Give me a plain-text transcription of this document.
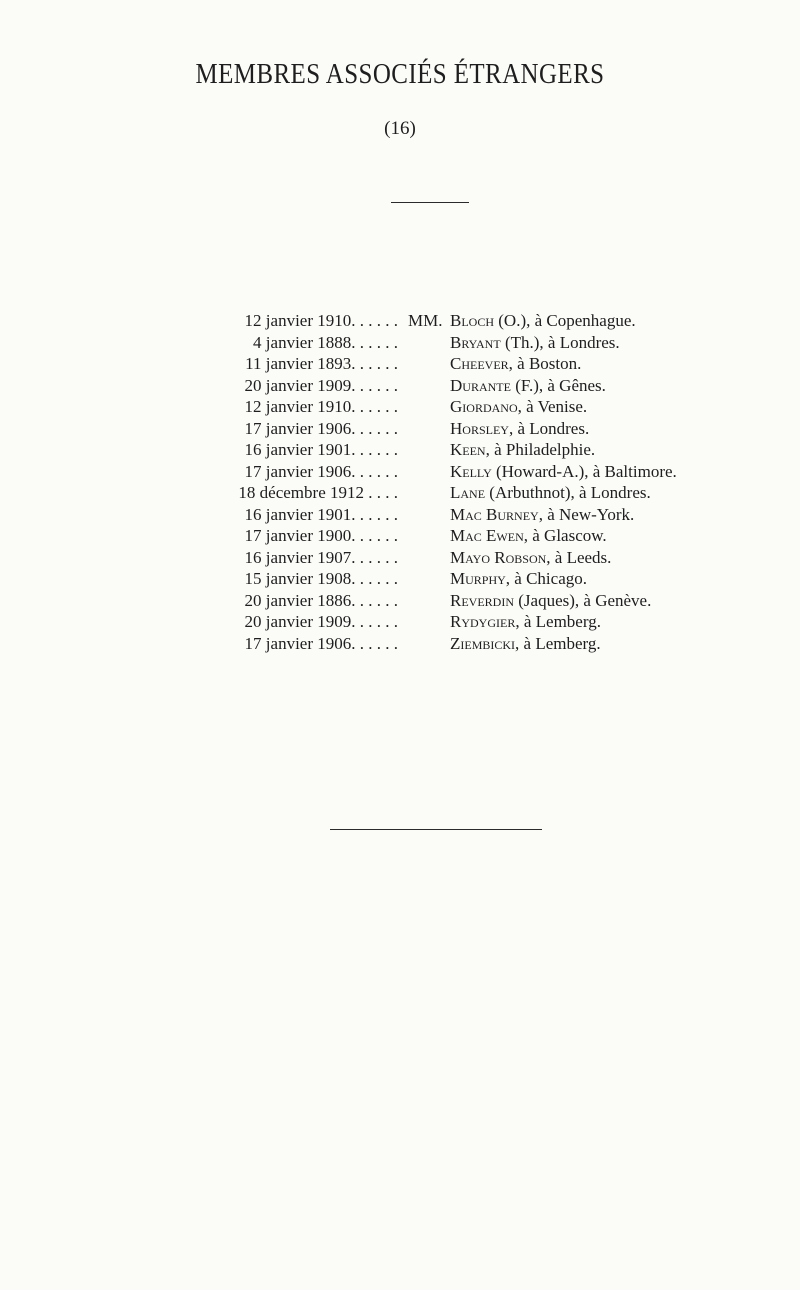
MEMBRES ASSOCIÉS ÉTRANGERS
(16)
12 janvier 1910. . . . . . MM. Bloch (O.), à Copenhague.
4 janvier 1888. . . . . .	Bryant (Th.), à Londres.
11 janvier 1893. . . . . .	Cheever, à Boston.
20 janvier 1909. . . . . .	Durante (F.), à Gênes.
12 janvier 1910. . . . . .	Giordano, à Venise.
17 janvier 1906. . . . . .	Horsley, à Londres.
16 janvier 1901. . . . . .	Keen, à Philadelphie.
17 janvier 1906. . . . . .	Kelly (Howard-A.), à Baltimore.
18 décembre 1912 . . . .	Lane (Arbuthnot), à Londres.
16 janvier 1901. . . . . .	Mac Burney, à New-York.
17 janvier 1900. . . . . .	Mac Ewen, à Glascow.
16 janvier 1907. . . . . .	Mayo Robson, à Leeds.
15 janvier 1908. . . . . .	Murphy, à Chicago.
20 janvier 1886. . . . . .	Reverdin (Jaques), à Genève.
20 janvier 1909. . . . . .	Rydygier, à Lemberg.
17 janvier 1906. . . . . .	Ziembicki, à Lemberg.
